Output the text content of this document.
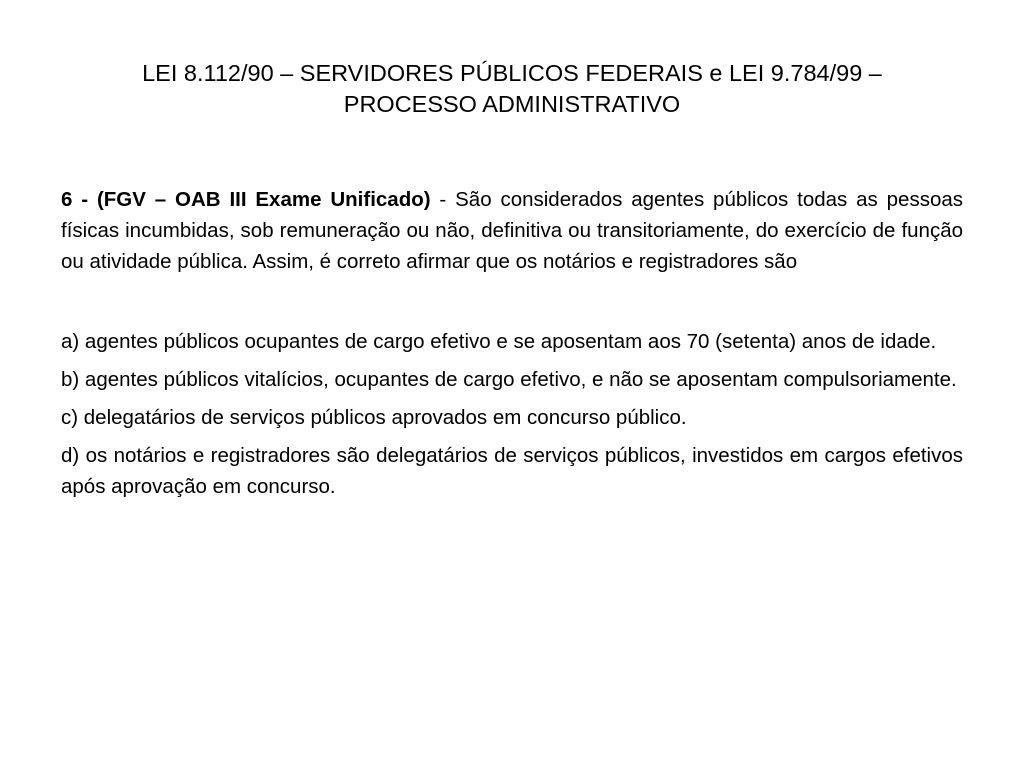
LEI 8.112/90 – SERVIDORES PÚBLICOS FEDERAIS e LEI 9.784/99 –
PROCESSO ADMINISTRATIVO

6 - (FGV – OAB III Exame Unificado) - São considerados agentes públicos todas as pessoas físicas incumbidas, sob remuneração ou não, definitiva ou transitoriamente, do exercício de função ou atividade pública. Assim, é correto afirmar que os notários e registradores são

a) agentes públicos ocupantes de cargo efetivo e se aposentam aos 70 (setenta) anos de idade.

b) agentes públicos vitalícios, ocupantes de cargo efetivo, e não se aposentam compulsoriamente.

c) delegatários de serviços públicos aprovados em concurso público.

d) os notários e registradores são delegatários de serviços públicos, investidos em cargos efetivos após aprovação em concurso.
